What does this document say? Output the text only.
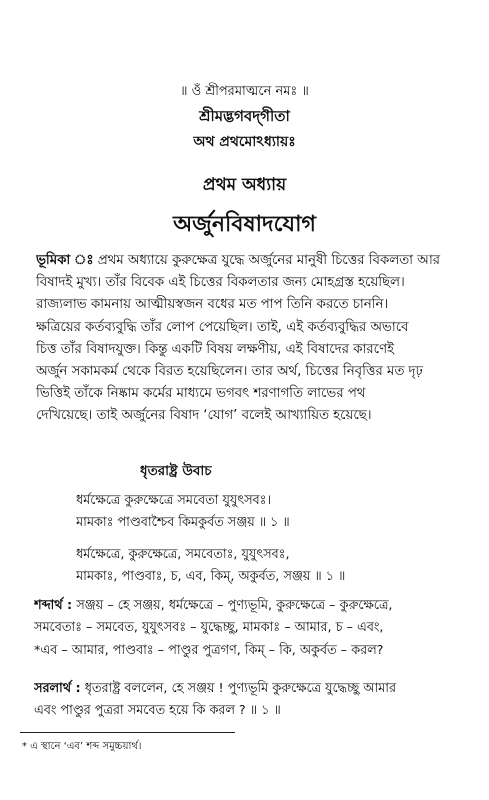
॥ ওঁ শ্রীপরমাত্মনে নমঃ ॥
শ্রীমদ্ভগবদ্‌গীতা
অথ প্রথমোঽধ্যায়ঃ
প্রথম অধ্যায়
অর্জুনবিষাদযোগ
ভূমিকা ঃ প্রথম অধ্যায়ে কুরুক্ষেত্র যুদ্ধে অর্জুনের মানুষী চিত্তের বিকলতা আর
বিষাদই মুখ্য। তাঁর বিবেক এই চিত্তের বিকলতার জন্য মোহগ্রস্ত হয়েছিল।
রাজ্যলাভ কামনায় আত্মীয়স্বজন বধের মত পাপ তিনি করতে চাননি।
ক্ষত্রিয়ের কর্তব্যবুদ্ধি তাঁর লোপ পেয়েছিল। তাই, এই কর্তব্যবুদ্ধির অভাবে
চিত্ত তাঁর বিষাদযুক্ত। কিন্তু একটি বিষয় লক্ষণীয়, এই বিষাদের কারণেই
অর্জুন সকামকর্ম থেকে বিরত হয়েছিলেন। তার অর্থ, চিত্তের নিবৃত্তির মত দৃঢ়
ভিত্তিই তাঁকে নিষ্কাম কর্মের মাধ্যমে ভগবৎ শরণাগতি লাভের পথ
দেখিয়েছে। তাই অর্জুনের বিষাদ ‘যোগ’ বলেই আখ্যায়িত হয়েছে।
ধৃতরাষ্ট্র উবাচ
ধর্মক্ষেত্রে কুরুক্ষেত্রে সমবেতা যুযুৎসবঃ।
মামকাঃ পাণ্ডবাশ্চৈব কিমকুর্বত সঞ্জয় ॥ ১ ॥
ধর্মক্ষেত্রে, কুরুক্ষেত্রে, সমবেতাঃ, যুযুৎসবঃ,
মামকাঃ, পাণ্ডবাঃ, চ, এব, কিম্, অকুর্বত, সঞ্জয় ॥ ১ ॥
শব্দার্থ : সঞ্জয় – হে সঞ্জয়, ধর্মক্ষেত্রে – পুণ্যভূমি, কুরুক্ষেত্রে – কুরুক্ষেত্রে,
সমবেতাঃ – সমবেত, যুযুৎসবঃ – যুদ্ধেচ্ছু, মামকাঃ – আমার, চ – এবং,
*এব – আমার, পাণ্ডবাঃ – পাণ্ডুর পুত্রগণ, কিম্ – কি, অকুর্বত – করল?
সরলার্থ : ধৃতরাষ্ট্র বললেন, হে সঞ্জয় ! পুণ্যভূমি কুরুক্ষেত্রে যুদ্ধেচ্ছু আমার
এবং পাণ্ডুর পুত্ররা সমবেত হয়ে কি করল ? ॥ ১ ॥
* এ স্থানে ‘এব’ শব্দ সমুচ্চয়ার্থ।
